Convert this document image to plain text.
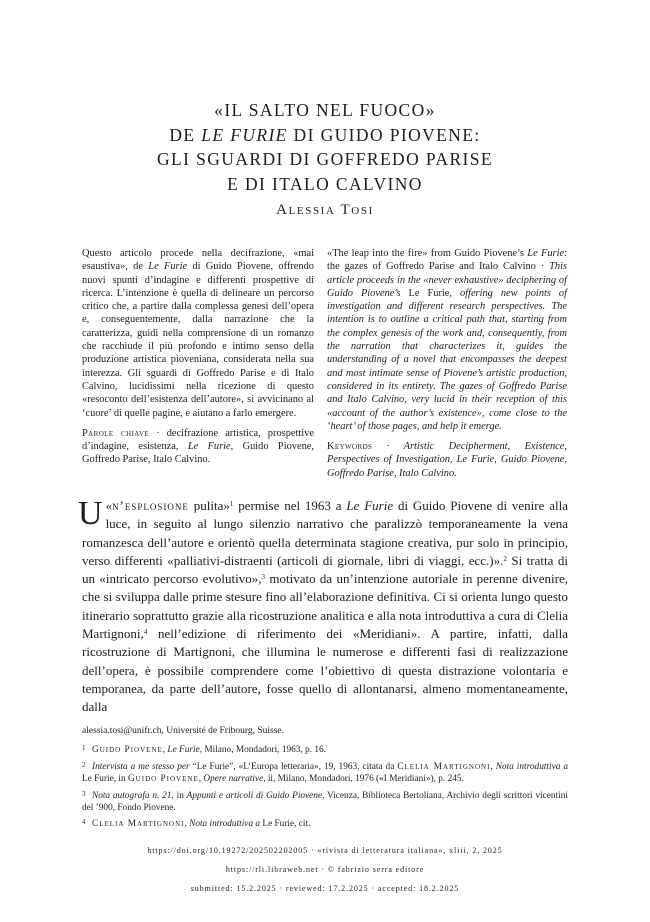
«IL SALTO NEL FUOCO»
DE LE FURIE DI GUIDO PIOVENE:
GLI SGUARDI DI GOFFREDO PARISE
E DI ITALO CALVINO
Alessia Tosi

Questo articolo procede nella decifrazione, «mai esaustiva», de Le Furie di Guido Piovene, offrendo nuovi spunti d’indagine e differenti prospettive di ricerca. L’intenzione è quella di delineare un percorso critico che, a partire dalla complessa genesi dell’opera e, conseguentemente, dalla narrazione che la caratterizza, guidi nella comprensione di un romanzo che racchiude il più profondo e intimo senso della produzione artistica pioveniana, considerata nella sua interezza. Gli sguardi di Goffredo Parise e di Italo Calvino, lucidissimi nella ricezione di questo «resoconto dell’esistenza dell’autore», si avvicinano al ‘cuore’ di quelle pagine, e aiutano a farlo emergere.

Parole chiave · decifrazione artistica, prospettive d’indagine, esistenza, Le Furie, Guido Piovene, Goffredo Parise, Italo Calvino.

«The leap into the fire» from Guido Piovene’s Le Furie: the gazes of Goffredo Parise and Italo Calvino · This article proceeds in the «never exhaustive» deciphering of Guido Piovene’s Le Furie, offering new points of investigation and different research perspectives. The intention is to outline a critical path that, starting from the complex genesis of the work and, consequently, from the narration that characterizes it, guides the understanding of a novel that encompasses the deepest and most intimate sense of Piovene’s artistic production, considered in its entirety. The gazes of Goffredo Parise and Italo Calvino, very lucid in their reception of this «account of the author’s existence», come close to the ‘heart’ of those pages, and help it emerge.

Keywords · Artistic Decipherment, Existence, Perspectives of Investigation, Le Furie, Guido Piovene, Goffredo Parise, Italo Calvino.

«
U n’esplosione pulita»$^1$ permise nel 1963 a Le Furie di Guido Piovene di venire alla luce, in seguito al lungo silenzio narrativo che paralizzò temporaneamente la vena romanzesca dell’autore e orientò quella determinata stagione creativa, pur solo in principio, verso differenti «palliativi-distraenti (articoli di giornale, libri di viaggi, ecc.)».$^2$ Si tratta di un «intricato percorso evolutivo»,$^3$ motivato da un’intenzione autoriale in perenne divenire, che si sviluppa dalle prime stesure fino all’elaborazione definitiva. Ci si orienta lungo questo itinerario soprattutto grazie alla ricostruzione analitica e alla nota introduttiva a cura di Clelia Martignoni,$^4$ nell’edizione di riferimento dei «Meridiani». A partire, infatti, dalla ricostruzione di Martignoni, che illumina le numerose e differenti fasi di realizzazione dell’opera, è possibile comprendere come l’obiettivo di questa distrazione volontaria e temporanea, da parte dell’autore, fosse quello di allontanarsi, almeno momentaneamente, dalla

alessia.tosi@unifr.ch, Université de Fribourg, Suisse.

1 Guido Piovene, Le Furie, Milano, Mondadori, 1963, p. 16.

2 Intervista a me stesso per “Le Furie”, «L’Europa letteraria», 19, 1963, citata da Clelia Martignoni, Nota introduttiva a Le Furie, in Guido Piovene, Opere narrative, ii, Milano, Mondadori, 1976 («I Meridiani»), p. 245.

3 Nota autografa n. 21, in Appunti e articoli di Guido Piovene, Vicenza, Biblioteca Bertoliana, Archivio degli scrittori vicentini del ’900, Fondo Piovene.

4 Clelia Martignoni, Nota introduttiva a Le Furie, cit.

https://doi.org/10.19272/202502202005 · «rivista di letteratura italiana», xliii, 2, 2025
https://rli.libraweb.net · © fabrizio serra editore
submitted: 15.2.2025 · reviewed: 17.2.2025 · accepted: 18.2.2025
